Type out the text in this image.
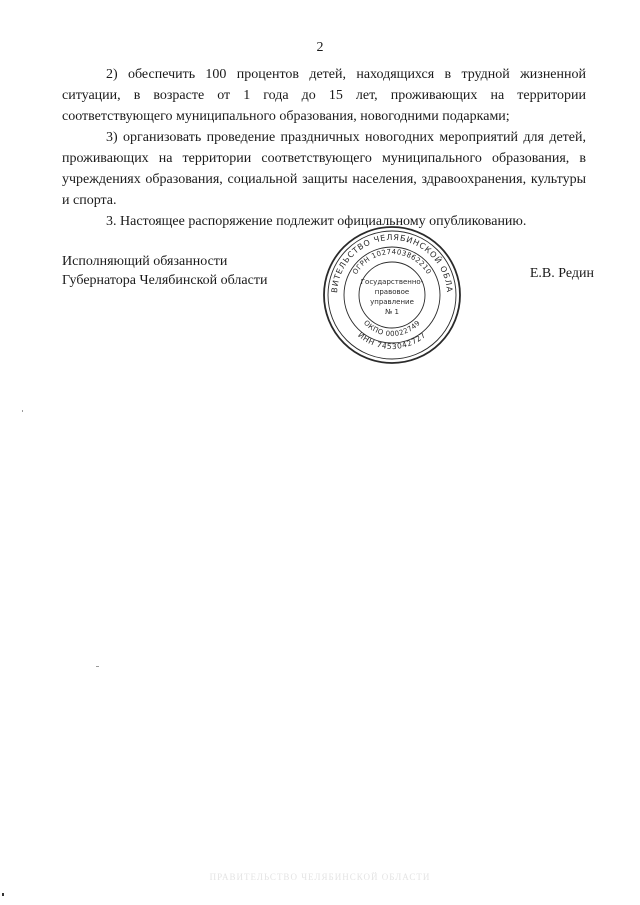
2

2) обеспечить 100 процентов детей, находящихся в трудной жизненной ситуации, в возрасте от 1 года до 15 лет, проживающих на территории соответствующего муниципального образования, новогодними подарками;

3) организовать проведение праздничных новогодних мероприятий для детей, проживающих на территории соответствующего муниципального образования, в учреждениях образования, социальной защиты населения, здравоохранения, культуры и спорта.

3. Настоящее распоряжение подлежит официальному опубликованию.

Исполняющий обязанности
Губернатора Челябинской области
ВИТЕЛЬСТВО ЧЕЛЯБИНСКОЙ ОБЛА
ИНН 7453042727
ОГРН 1027403862210
ОКПО 00022749
Государственно-
правовое
управление
№ 1
Е.В. Редин
ПРАВИТЕЛЬСТВО ЧЕЛЯБИНСКОЙ ОБЛАСТИ
